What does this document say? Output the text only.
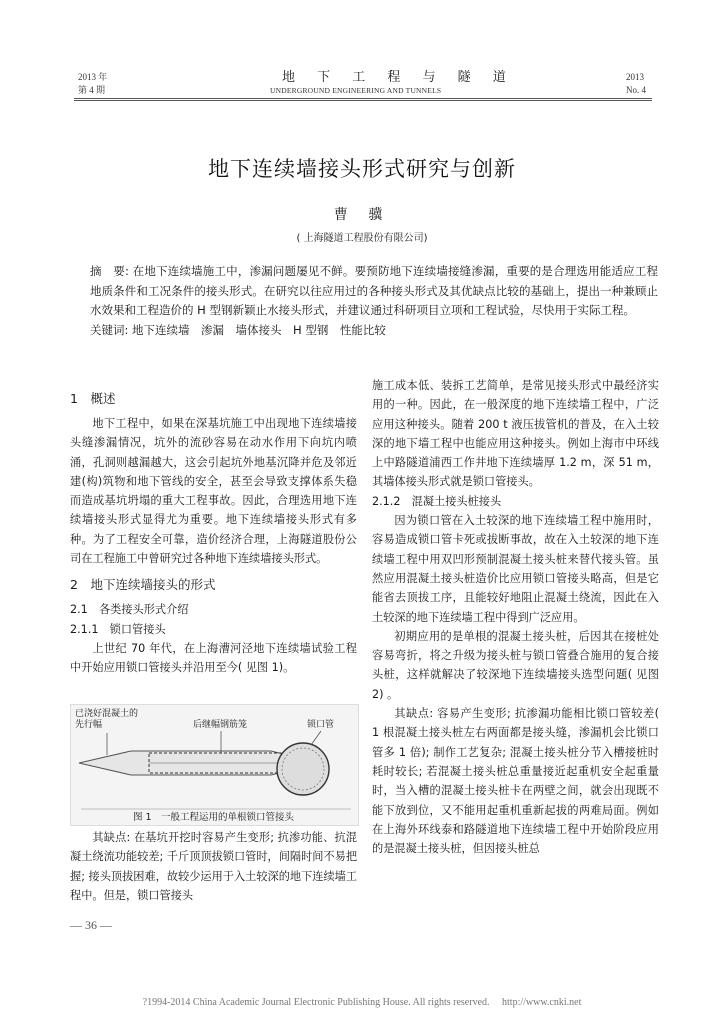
2013 年
第 4 期
地 下 工 程 与 隧 道
UNDERGROUND ENGINEERING AND TUNNELS
2013
No. 4
地下连续墙接头形式研究与创新
曹 骥
( 上海隧道工程股份有限公司)

摘　要: 在地下连续墙施工中，渗漏问题屡见不鲜。要预防地下连续墙接缝渗漏，重要的是合理选用能适应工程地质条件和工况条件的接头形式。在研究以往应用过的各种接头形式及其优缺点比较的基础上，提出一种兼顾止水效果和工程造价的 H 型钢新颖止水接头形式，并建议通过科研项目立项和工程试验，尽快用于实际工程。

关键词: 地下连续墙　渗漏　墙体接头　H 型钢　性能比较

1　概述

地下工程中，如果在深基坑施工中出现地下连续墙接头缝渗漏情况，坑外的流砂容易在动水作用下向坑内喷涌，孔洞则越漏越大，这会引起坑外地基沉降并危及邻近建(构)筑物和地下管线的安全，甚至会导致支撑体系失稳而造成基坑坍塌的重大工程事故。因此，合理选用地下连续墙接头形式显得尤为重要。地下连续墙接头形式有多种。为了工程安全可靠，造价经济合理，上海隧道股份公司在工程施工中曾研究过各种地下连续墙接头形式。

2　地下连续墙接头的形式

2.1　各类接头形式介绍

2.1.1　锁口管接头

上世纪 70 年代，在上海漕河泾地下连续墙试验工程中开始应用锁口管接头并沿用至今( 见图 1)。

已浇好混凝土的先行幅	后继幅钢筋笼	锁口管
图 1　一般工程运用的单根锁口管接头

其缺点: 在基坑开挖时容易产生变形; 抗渗功能、抗混凝土绕流功能较差; 千斤顶顶拔锁口管时，间隔时间不易把握; 接头顶拔困难，故较少运用于入土较深的地下连续墙工程中。但是，锁口管接头

施工成本低、装拆工艺简单，是常见接头形式中最经济实用的一种。因此，在一般深度的地下连续墙工程中，广泛应用这种接头。随着 200 t 液压拔管机的普及，在入土较深的地下墙工程中也能应用这种接头。例如上海市中环线上中路隧道浦西工作井地下连续墙厚 1.2 m，深 51 m，其墙体接头形式就是锁口管接头。

2.1.2　混凝土接头桩接头

因为锁口管在入土较深的地下连续墙工程中施用时，容易造成锁口管卡死或拔断事故，故在入土较深的地下连续墙工程中用双凹形预制混凝土接头桩来替代接头管。虽然应用混凝土接头桩造价比应用锁口管接头略高，但是它能省去顶拔工序，且能较好地阻止混凝土绕流，因此在入土较深的地下连续墙工程中得到广泛应用。

初期应用的是单根的混凝土接头桩，后因其在接桩处容易弯折，将之升级为接头桩与锁口管叠合施用的复合接头桩，这样就解决了较深地下连续墙接头选型问题( 见图 2) 。

其缺点: 容易产生变形; 抗渗漏功能相比锁口管较差( 1 根混凝土接头桩左右两面都是接头缝，渗漏机会比锁口管多 1 倍); 制作工艺复杂; 混凝土接头桩分节入槽接桩时耗时较长; 若混凝土接头桩总重量接近起重机安全起重量时，当入槽的混凝土接头桩卡在两壁之间，就会出现既不能下放到位，又不能用起重机重新起拔的两难局面。例如在上海外环线泰和路隧道地下连续墙工程中开始阶段应用的是混凝土接头桩，但因接头桩总

— 36 —
?1994-2014 China Academic Journal Electronic Publishing House. All rights reserved.　 http://www.cnki.net
